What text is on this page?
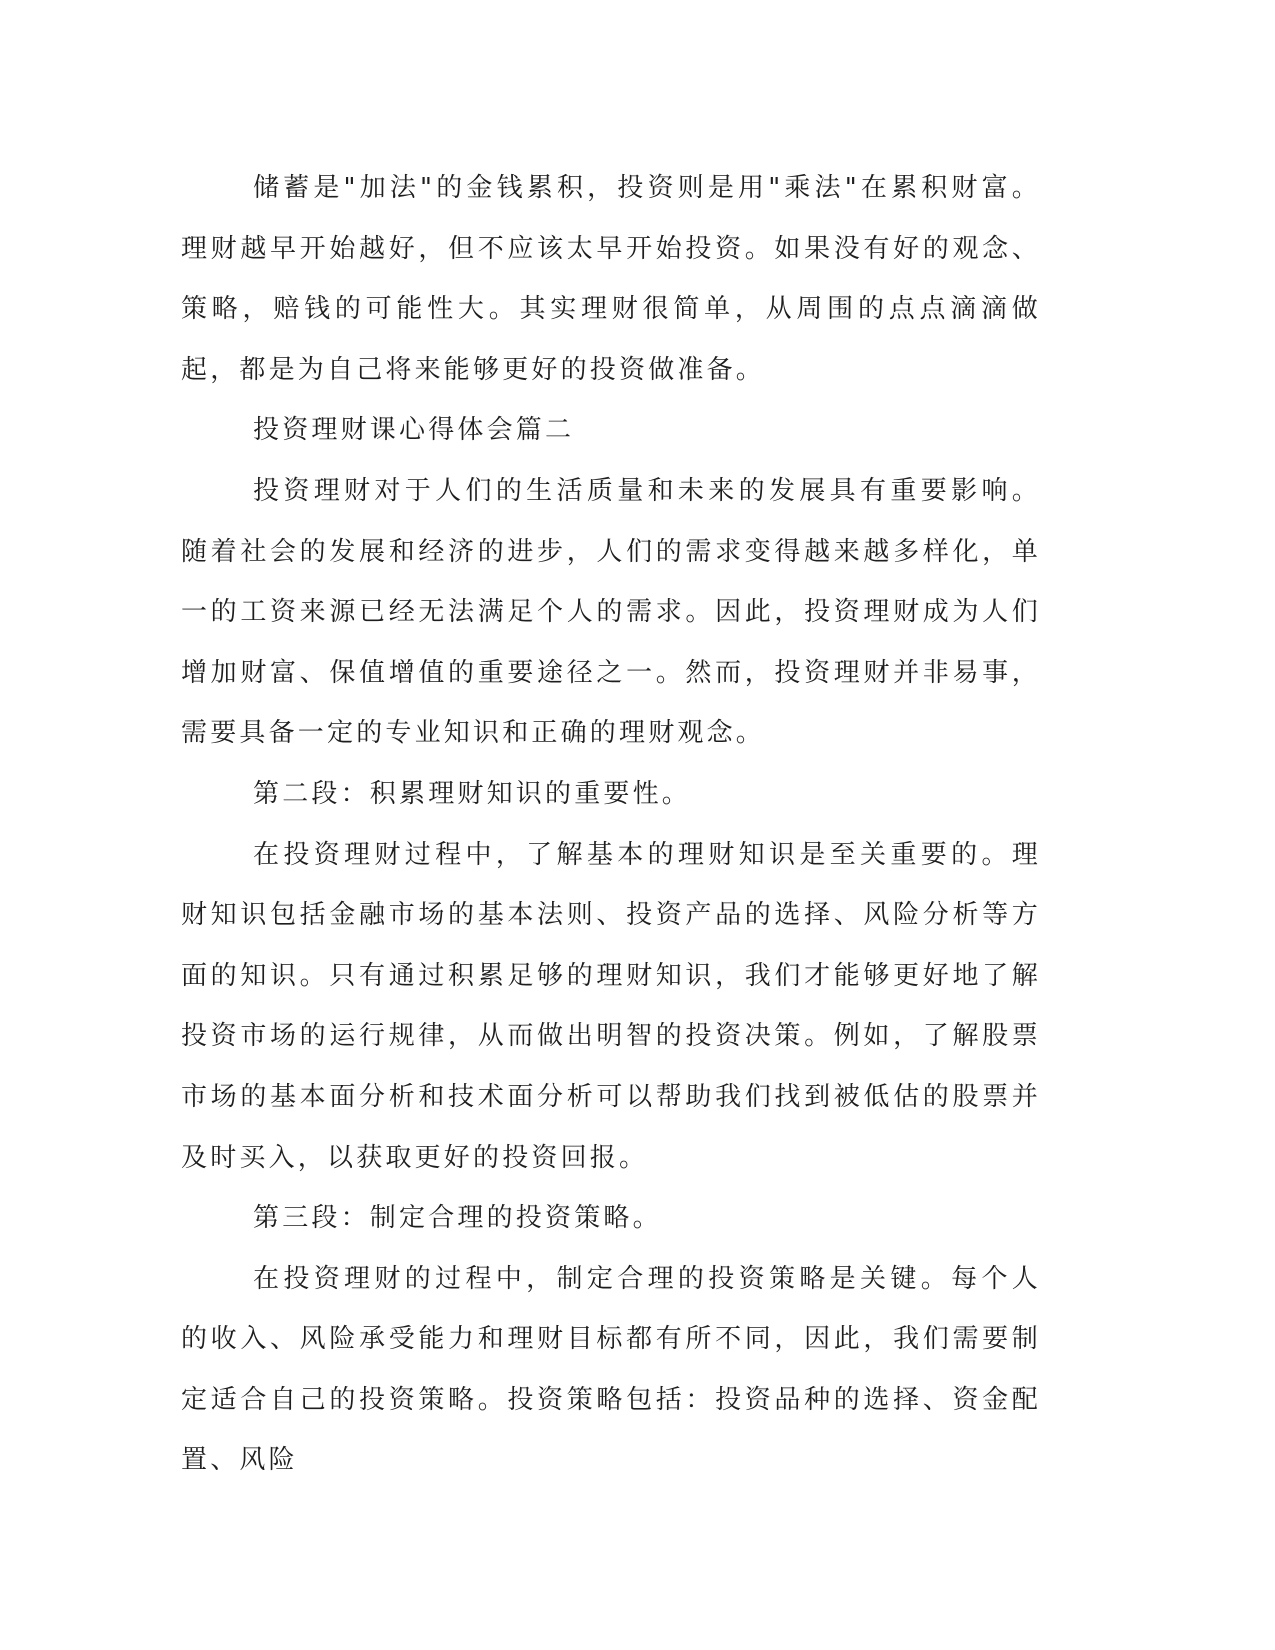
储蓄是"加法"的金钱累积，投资则是用"乘法"在累积财富。理财越早开始越好，但不应该太早开始投资。如果没有好的观念、策略，赔钱的可能性大。其实理财很简单，从周围的点点滴滴做起，都是为自己将来能够更好的投资做准备。

投资理财课心得体会篇二

投资理财对于人们的生活质量和未来的发展具有重要影响。随着社会的发展和经济的进步，人们的需求变得越来越多样化，单一的工资来源已经无法满足个人的需求。因此，投资理财成为人们增加财富、保值增值的重要途径之一。然而，投资理财并非易事，需要具备一定的专业知识和正确的理财观念。

第二段：积累理财知识的重要性。

在投资理财过程中，了解基本的理财知识是至关重要的。理财知识包括金融市场的基本法则、投资产品的选择、风险分析等方面的知识。只有通过积累足够的理财知识，我们才能够更好地了解投资市场的运行规律，从而做出明智的投资决策。例如，了解股票市场的基本面分析和技术面分析可以帮助我们找到被低估的股票并及时买入，以获取更好的投资回报。

第三段：制定合理的投资策略。

在投资理财的过程中，制定合理的投资策略是关键。每个人的收入、风险承受能力和理财目标都有所不同，因此，我们需要制定适合自己的投资策略。投资策略包括：投资品种的选择、资金配置、风险
